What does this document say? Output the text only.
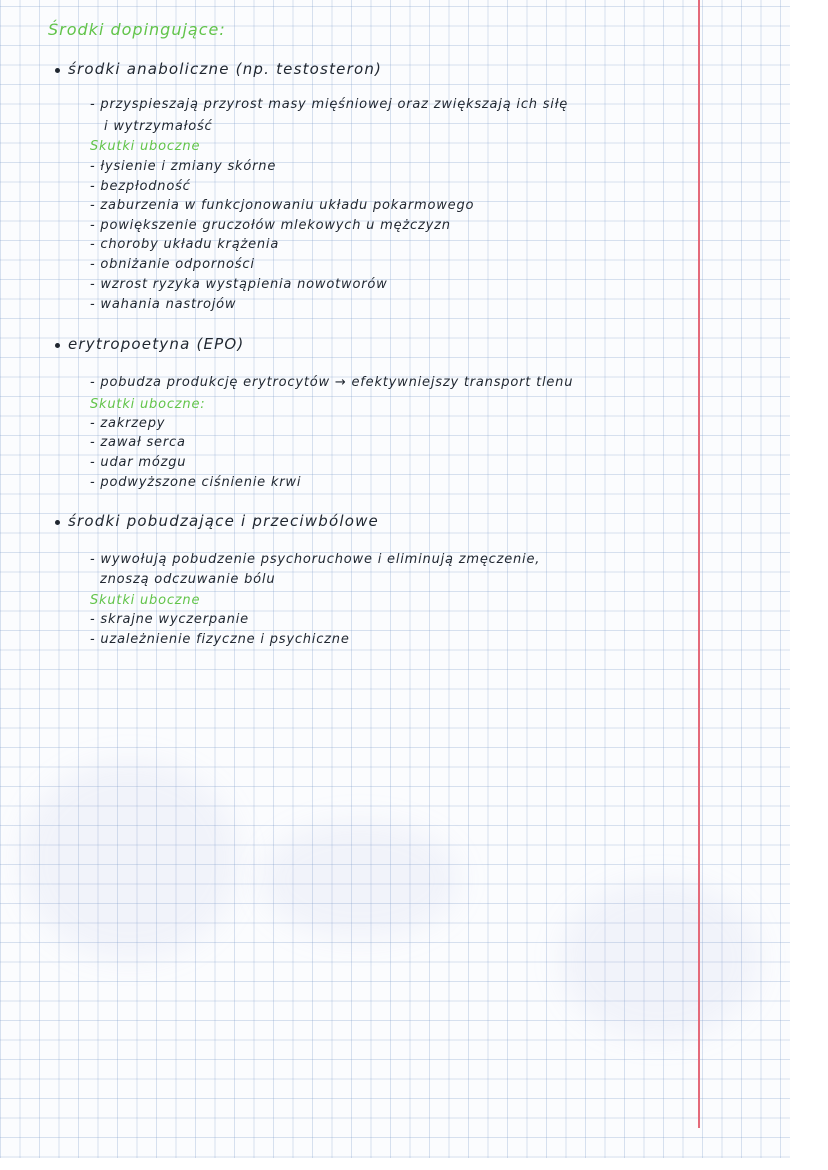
Środki dopingujące:
środki anaboliczne (np. testosteron)
- przyspieszają przyrost masy mięśniowej oraz zwiększają ich siłę
i wytrzymałość
Skutki uboczne
- łysienie i zmiany skórne
- bezpłodność
- zaburzenia w funkcjonowaniu układu pokarmowego
- powiększenie gruczołów mlekowych u mężczyzn
- choroby układu krążenia
- obniżanie odporności
- wzrost ryzyka wystąpienia nowotworów
- wahania nastrojów
erytropoetyna (EPO)
- pobudza produkcję erytrocytów → efektywniejszy transport tlenu
Skutki uboczne:
- zakrzepy
- zawał serca
- udar mózgu
- podwyższone ciśnienie krwi
środki pobudzające i przeciwbólowe
- wywołują pobudzenie psychoruchowe i eliminują zmęczenie,
znoszą odczuwanie bólu
Skutki uboczne
- skrajne wyczerpanie
- uzależnienie fizyczne i psychiczne
